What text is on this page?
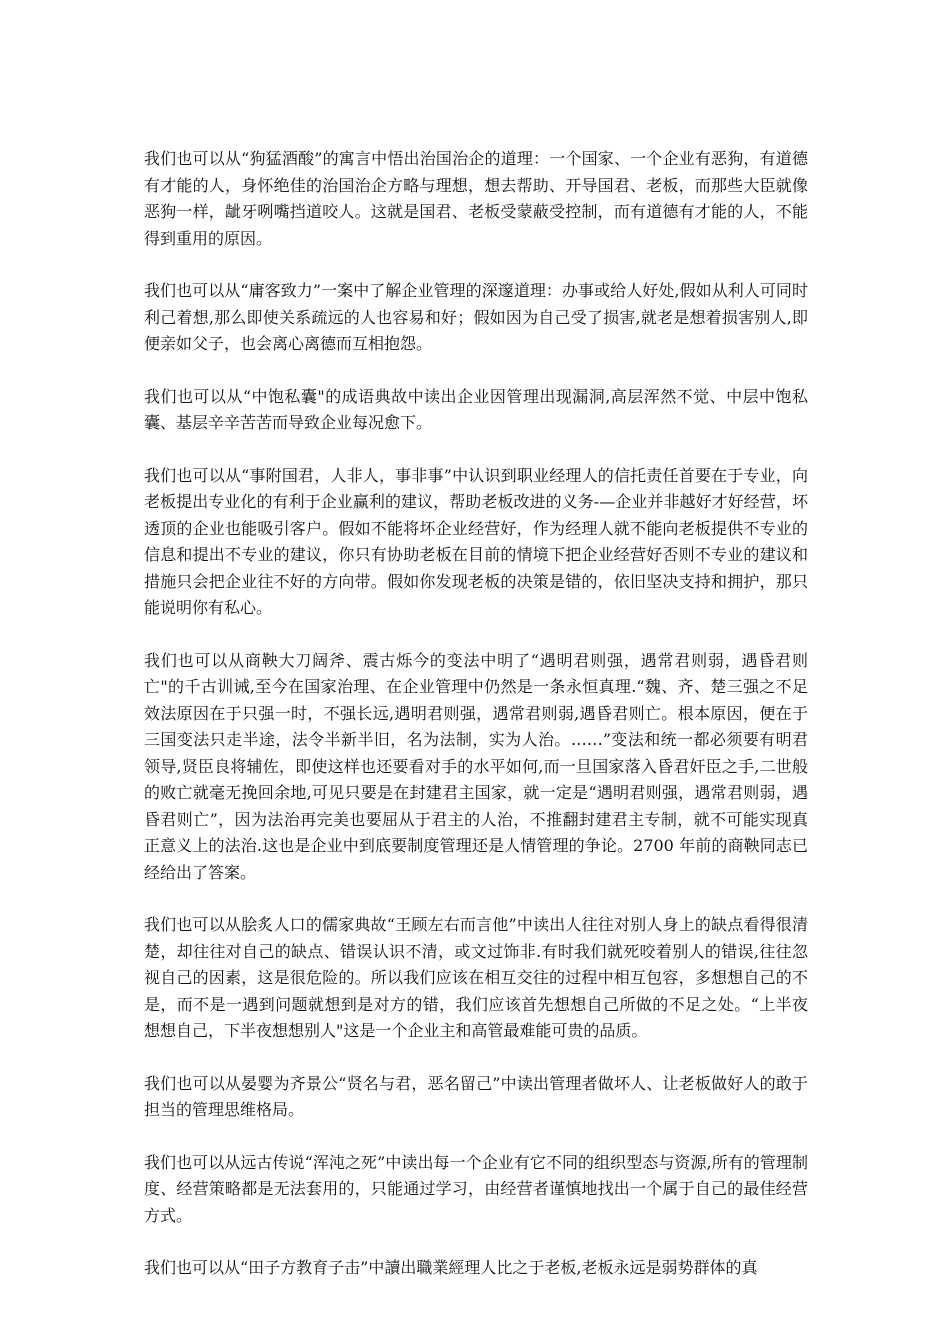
我们也可以从“狗猛酒酸”的寓言中悟出治国治企的道理：一个国家、一个企业有恶狗，有道德有才能的人，身怀绝佳的治国治企方略与理想，想去帮助、开导国君、老板，而那些大臣就像恶狗一样，龇牙咧嘴挡道咬人。这就是国君、老板受蒙蔽受控制，而有道德有才能的人，不能得到重用的原因。

我们也可以从“庸客致力”一案中了解企业管理的深邃道理：办事或给人好处,假如从利人可同时利己着想,那么即使关系疏远的人也容易和好；假如因为自己受了损害,就老是想着损害别人,即便亲如父子，也会离心离德而互相抱怨。

我们也可以从“中饱私囊"的成语典故中读出企业因管理出现漏洞,高层浑然不觉、中层中饱私囊、基层辛辛苦苦而导致企业每况愈下。

我们也可以从“事附国君，人非人，事非事”中认识到职业经理人的信托责任首要在于专业，向老板提出专业化的有利于企业赢利的建议，帮助老板改进的义务-—企业并非越好才好经营，坏透顶的企业也能吸引客户。假如不能将坏企业经营好，作为经理人就不能向老板提供不专业的信息和提出不专业的建议，你只有协助老板在目前的情境下把企业经营好否则不专业的建议和措施只会把企业往不好的方向带。假如你发现老板的决策是错的，依旧坚决支持和拥护，那只能说明你有私心。

我们也可以从商鞅大刀阔斧、震古烁今的变法中明了“遇明君则强，遇常君则弱，遇昏君则亡"的千古训诫,至今在国家治理、在企业管理中仍然是一条永恒真理.“魏、齐、楚三强之不足效法原因在于只强一时，不强长远,遇明君则强，遇常君则弱,遇昏君则亡。根本原因，便在于三国变法只走半途，法令半新半旧，名为法制，实为人治。……”变法和统一都必须要有明君领导,贤臣良将辅佐，即使这样也还要看对手的水平如何,而一旦国家落入昏君奸臣之手,二世般的败亡就毫无挽回余地,可见只要是在封建君主国家，就一定是“遇明君则强，遇常君则弱，遇昏君则亡”，因为法治再完美也要屈从于君主的人治，不推翻封建君主专制，就不可能实现真正意义上的法治.这也是企业中到底要制度管理还是人情管理的争论。2700 年前的商鞅同志已经给出了答案。

我们也可以从脍炙人口的儒家典故“王顾左右而言他”中读出人往往对别人身上的缺点看得很清楚，却往往对自己的缺点、错误认识不清，或文过饰非.有时我们就死咬着别人的错误,往往忽视自己的因素，这是很危险的。所以我们应该在相互交往的过程中相互包容，多想想自己的不是，而不是一遇到问题就想到是对方的错，我们应该首先想想自己所做的不足之处。“上半夜想想自己，下半夜想想别人"这是一个企业主和高管最难能可贵的品质。

我们也可以从晏婴为齐景公“贤名与君，恶名留己”中读出管理者做坏人、让老板做好人的敢于担当的管理思维格局。

我们也可以从远古传说“浑沌之死”中读出每一个企业有它不同的组织型态与资源,所有的管理制度、经营策略都是无法套用的，只能通过学习，由经营者谨慎地找出一个属于自己的最佳经营方式。

我们也可以从“田子方教育子击”中讀出職業經理人比之于老板,老板永远是弱势群体的真
